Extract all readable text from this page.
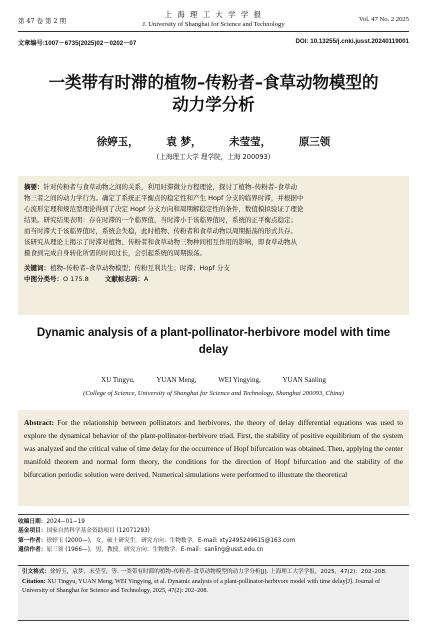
第 47 卷 第 2 期
上 海 理 工 大 学 学 报
J. University of Shanghai for Science and Technology
Vol. 47 No. 2 2025
文章编号:1007－6735(2025)02－0202－07	DOI: 10.13255/j.cnki.jusst.20240119001
一类带有时滞的植物–传粉者–食草动物模型的
动力学分析
徐婷玉，	袁 梦，	未莹莹，	原三领
(上海理工大学 理学院，上海 200093)
摘要：针对传粉者与食草动物之间的关系，利用时滞微分方程理论，探讨了植物–传粉者–食草动
物三者之间的动力学行为。确定了系统正平衡点的稳定性和产生 Hopf 分支的临界时滞，并根据中
心流形定理和规范型理论得到了决定 Hopf 分支方向和周期解稳定性的条件，数值模拟验证了理论
结果。研究结果表明：存在时滞的一个临界值，当时滞小于该临界值时，系统的正平衡点稳定；
而当时滞大于该临界值时，系统会失稳，此时植物、传粉者和食草动物以周期振荡的形式共存。
该研究从理论上揭示了时滞对植物、传粉者和食草动物三物种间相互作用的影响，即食草动物从
摄食到完成自身转化所需的时间过长，会引起系统的周期振荡。
关键词：植物–传粉者–食草动物模型；传粉互利共生；时滞；Hopf 分支
中图分类号：O 175.8 文献标志码：A
Dynamic analysis of a plant-pollinator-herbivore model with time delay
XU Tingyu,	YUAN Meng,	WEI Yingying,	YUAN Sanling
(College of Science, University of Shanghai for Science and Technology, Shanghai 200093, China)
Abstract: For the relationship between pollinators and herbivores, the theory of delay differential equations was used to explore the dynamical behavior of the plant-pollinator-herbivore triad. First, the stability of positive equilibrium of the system was analyzed and the critical value of time delay for the occurrence of Hopf bifurcation was obtained. Then, applying the center manifold theorem and normal form theory, the conditions for the direction of Hopf bifurcation and the stability of the bifurcation periodic solution were derived. Numerical simulations were performed to illustrate the theoretical
收稿日期：2024−01−19
基金项目：国家自然科学基金资助项目 (12071293)
第一作者：徐婷玉 (2000—)，女，硕士研究生。研究方向：生物数学。E-mail: xty2495249615@163.com
通信作者：原三领 (1966—)，男，教授。研究方向：生物数学。E-mail：sanling@usst.edu.cn
引文格式：徐婷玉，袁梦，未莹莹，等. 一类带有时滞的植物–传粉者–食草动物模型的动力学分析[J]. 上海理工大学学报，2025，47(2)：202–208.
Citation: XU Tingyu, YUAN Meng, WEI Yingying, et al. Dynamic analysis of a plant-pollinator-herbivore model with time delay[J]. Journal of University of Shanghai for Science and Technology, 2025, 47(2): 202–208.
